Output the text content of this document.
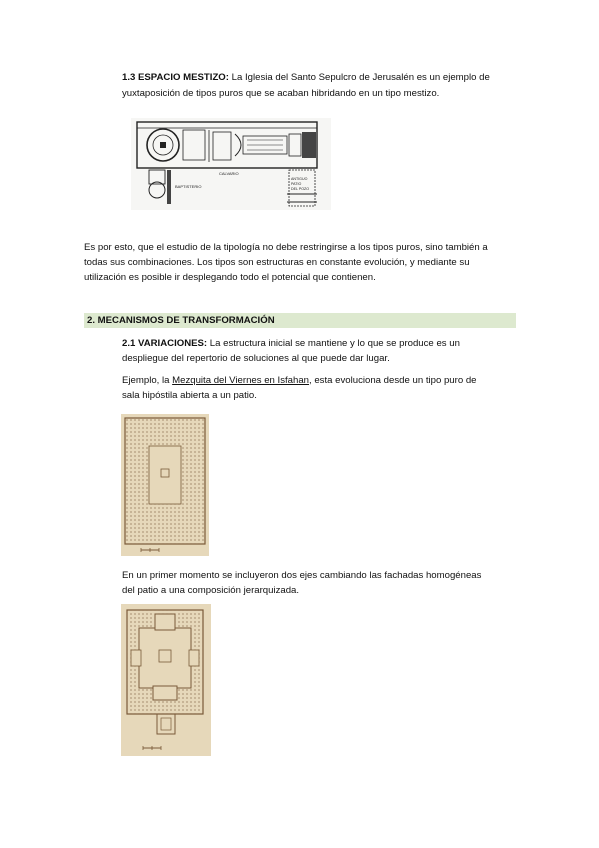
1.3 ESPACIO MESTIZO: La Iglesia del Santo Sepulcro de Jerusalén es un ejemplo de

yuxtaposición de tipos puros que se acaban hibridando en un tipo mestizo.

CALVARIO
BAPTISTERIO
ANTIGUO
PATIO
DEL POZO

Es por esto, que el estudio de la tipología no debe restringirse a los tipos puros, sino también a

todas sus combinaciones. Los tipos son estructuras en constante evolución, y mediante su

utilización es posible ir desplegando todo el potencial que contienen.

2. MECANISMOS DE TRANSFORMACIÓN

2.1 VARIACIONES: La estructura inicial se mantiene y lo que se produce es un

despliegue del repertorio de soluciones al que puede dar lugar.

Ejemplo, la Mezquita del Viernes en Isfahan, esta evoluciona desde un tipo puro de

sala hipóstila abierta a un patio.

En un primer momento se incluyeron dos ejes cambiando las fachadas homogéneas

del patio a una composición jerarquizada.
